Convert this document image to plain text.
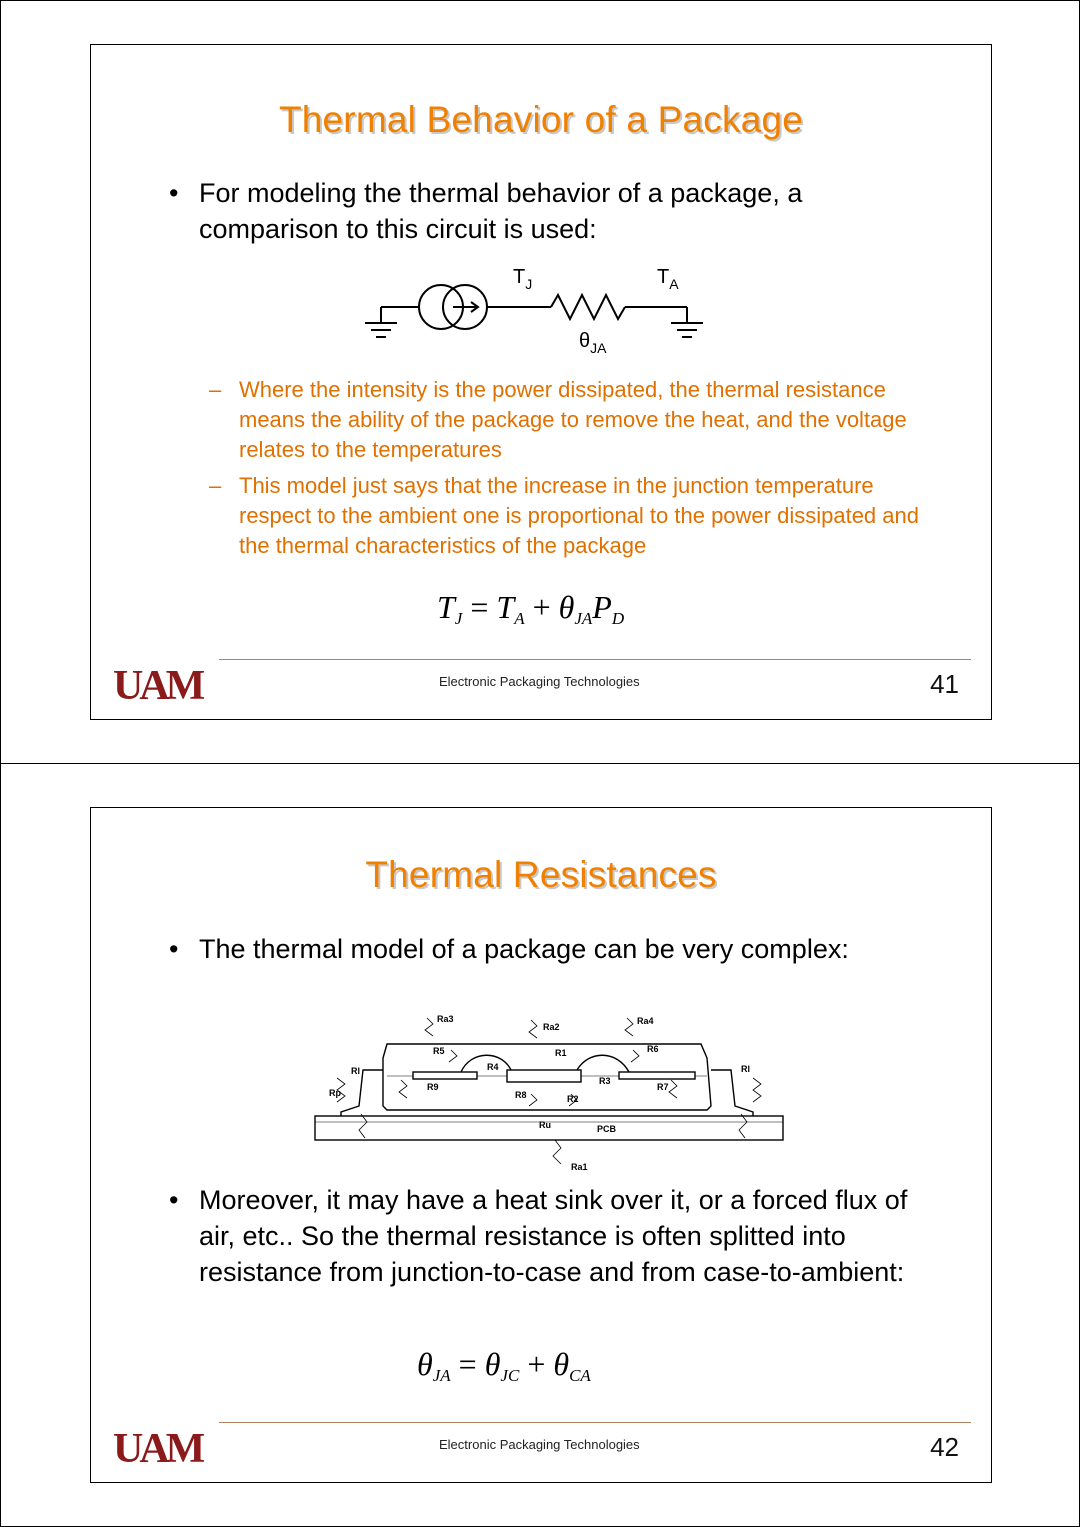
Thermal Behavior of a Package
• For modeling the thermal behavior of a package, a comparison to this circuit is used:
$T_J$	$T_A$
$\theta_{JA}$
– Where the intensity is the power dissipated, the thermal resistance means the ability of the package to remove the heat, and the voltage relates to the temperatures
– This model just says that the increase in the junction temperature respect to the ambient one is proportional to the power dissipated and the thermal characteristics of the package
$T_J = T_A + \theta_{JA}P_D$
UAM	Electronic Packaging Technologies	41
Thermal Resistances
• The thermal model of a package can be very complex:
Ra3
Ra2
Ra4
R5	R1	R6
Rl	Rl
R4
R3
R9	R7
Rp	R8	R2
Ru	PCB
Ra1
• Moreover, it may have a heat sink over it, or a forced flux of air, etc.. So the thermal resistance is often splitted into resistance from junction-to-case and from case-to-ambient:
$\theta_{JA} = \theta_{JC} + \theta_{CA}$
UAM	Electronic Packaging Technologies	42
